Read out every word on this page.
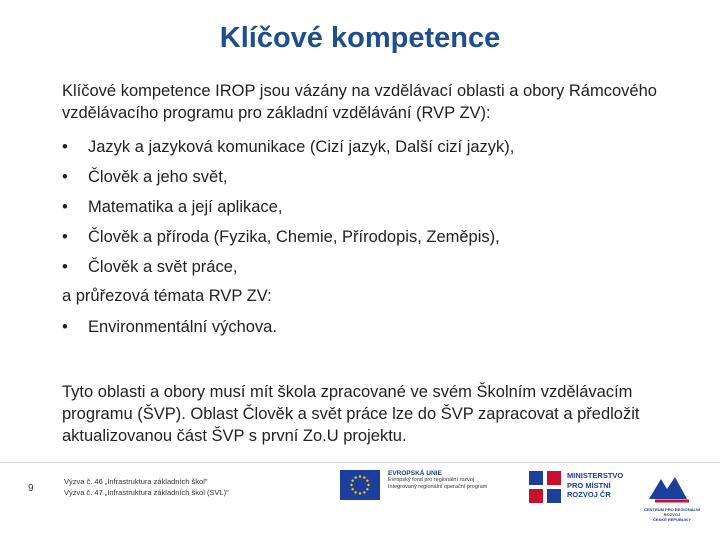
Klíčové kompetence

Klíčové kompetence IROP jsou vázány na vzdělávací oblasti a obory Rámcového vzdělávacího programu pro základní vzdělávání (RVP ZV):

•	Jazyk a jazyková komunikace (Cizí jazyk, Další cizí jazyk),
•	Člověk a jeho svět,
•	Matematika a její aplikace,
•	Člověk a příroda (Fyzika, Chemie, Přírodopis, Zeměpis),
•	Člověk a svět práce,

a průřezová témata RVP ZV:

•	Environmentální výchova.

Tyto oblasti a obory musí mít škola zpracované ve svém Školním vzdělávacím programu (ŠVP). Oblast Člověk a svět práce lze do ŠVP zapracovat a předložit aktualizovanou část ŠVP s první Zo.U projektu.

9
Výzva č. 46 „Infrastruktura základních škol"
Výzva č. 47 „Infrastruktura základních škol (SVL)"
EVROPSKÁ UNIE
Evropský fond pro regionální rozvoj
Integrovaný regionální operační program
MINISTERSTVO
PRO MÍSTNÍ
ROZVOJ ČR
CENTRUM PRO REGIONÁLNÍ ROZVOJ
ČESKÉ REPUBLIKY
